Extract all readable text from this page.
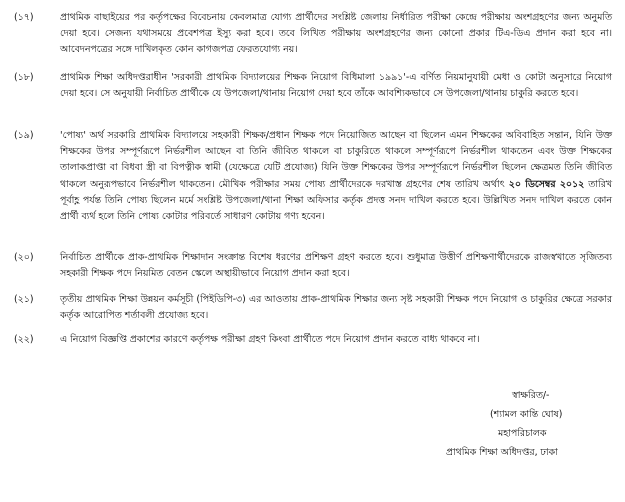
(১৭)	প্রাথমিক বাছাইয়ের পর কর্তৃপক্ষের বিবেচনায় কেবলমাত্র যোগ্য প্রার্থীদের সংশ্লিষ্ট জেলায় নির্ধারিত পরীক্ষা কেন্দ্রে পরীক্ষায় অংশগ্রহণের জন্য অনুমতি দেয়া হবে। সেজন্য যথাসময়ে প্রবেশপত্র ইস্যু করা হবে। তবে লিখিত পরীক্ষায় অংশগ্রহণের জন্য কোনো প্রকার টিএ-ডিএ প্রদান করা হবে না। আবেদনপত্রের সঙ্গে দাখিলকৃত কোন কাগজপত্র ফেরতযোগ্য নয়।
(১৮)	প্রাথমিক শিক্ষা অধিদপ্তরাধীন 'সরকারী প্রাথমিক বিদ্যালয়ের শিক্ষক নিয়োগ বিধিমালা ১৯৯১'-এ বর্ণিত নিয়মানুযায়ী মেধা ও কোটা অনুসারে নিয়োগ দেয়া হবে। সে অনুযায়ী নির্বাচিত প্রার্থীকে যে উপজেলা/থানায় নিয়োগ দেয়া হবে তাঁকে আবশ্যিকভাবে সে উপজেলা/থানায় চাকুরি করতে হবে।
(১৯)	'পোষ্য' অর্থ সরকারি প্রাথমিক বিদ্যালয়ে সহকারী শিক্ষক/প্রধান শিক্ষক পদে নিয়োজিত আছেন বা ছিলেন এমন শিক্ষকের অবিবাহিত সন্তান, যিনি উক্ত শিক্ষকের উপর সম্পূর্ণরূপে নির্ভরশীল আছেন বা তিনি জীবিত থাকলে বা চাকুরিতে থাকলে সম্পূর্ণরূপে নির্ভরশীল থাকতেন এবং উক্ত শিক্ষকের তালাকপ্রাপ্তা বা বিধবা স্ত্রী বা বিপত্নীক স্বামী (যেক্ষেত্রে যেটি প্রযোজ্য) যিনি উক্ত শিক্ষকের উপর সম্পূর্ণরূপে নির্ভরশীল ছিলেন ক্ষেত্রমত তিনি জীবিত থাকলে অনুরূপভাবে নির্ভরশীল থাকতেন। মৌখিক পরীক্ষার সময় পোষ্য প্রার্থীদেরকে দরখাস্ত গ্রহণের শেষ তারিখ অর্থাৎ ২০ ডিসেম্বর ২০১২ তারিখ পূর্বাহ্ণ পর্যন্ত তিনি পোষ্য ছিলেন মর্মে সংশ্লিষ্ট উপজেলা/থানা শিক্ষা অফিসার কর্তৃক প্রদত্ত সনদ দাখিল করতে হবে। উল্লিখিত সনদ দাখিল করতে কোন প্রার্থী ব্যর্থ হলে তিনি পোষ্য কোটার পরিবর্তে সাধারণ কোটায় গণ্য হবেন।
(২০)	নির্বাচিত প্রার্থীকে প্রাক-প্রাথমিক শিক্ষাদান সংক্রান্ত বিশেষ ধরণের প্রশিক্ষণ গ্রহণ করতে হবে। শুধুমাত্র উত্তীর্ণ প্রশিক্ষণার্থীদেরকে রাজস্বখাতে সৃজিতব্য সহকারী শিক্ষক পদে নিয়মিত বেতন স্কেলে অস্থায়ীভাবে নিয়োগ প্রদান করা হবে।
(২১)	তৃতীয় প্রাথমিক শিক্ষা উন্নয়ন কর্মসূচী (পিইডিপি-৩) এর আওতায় প্রাক-প্রাথমিক শিক্ষার জন্য সৃষ্ট সহকারী শিক্ষক পদে নিয়োগ ও চাকুরির ক্ষেত্রে সরকার কর্তৃক আরোপিত শর্তাবলী প্রযোজ্য হবে।
(২২)	এ নিয়োগ বিজ্ঞপ্তি প্রকাশের কারণে কর্তৃপক্ষ পরীক্ষা গ্রহণ কিংবা প্রার্থীতে পদে নিয়োগ প্রদান করতে বাধ্য থাকবে না।
স্বাক্ষরিত/-
(শ্যামল কান্তি ঘোষ)
মহাপরিচালক
প্রাথমিক শিক্ষা অধিদপ্তর, ঢাকা
